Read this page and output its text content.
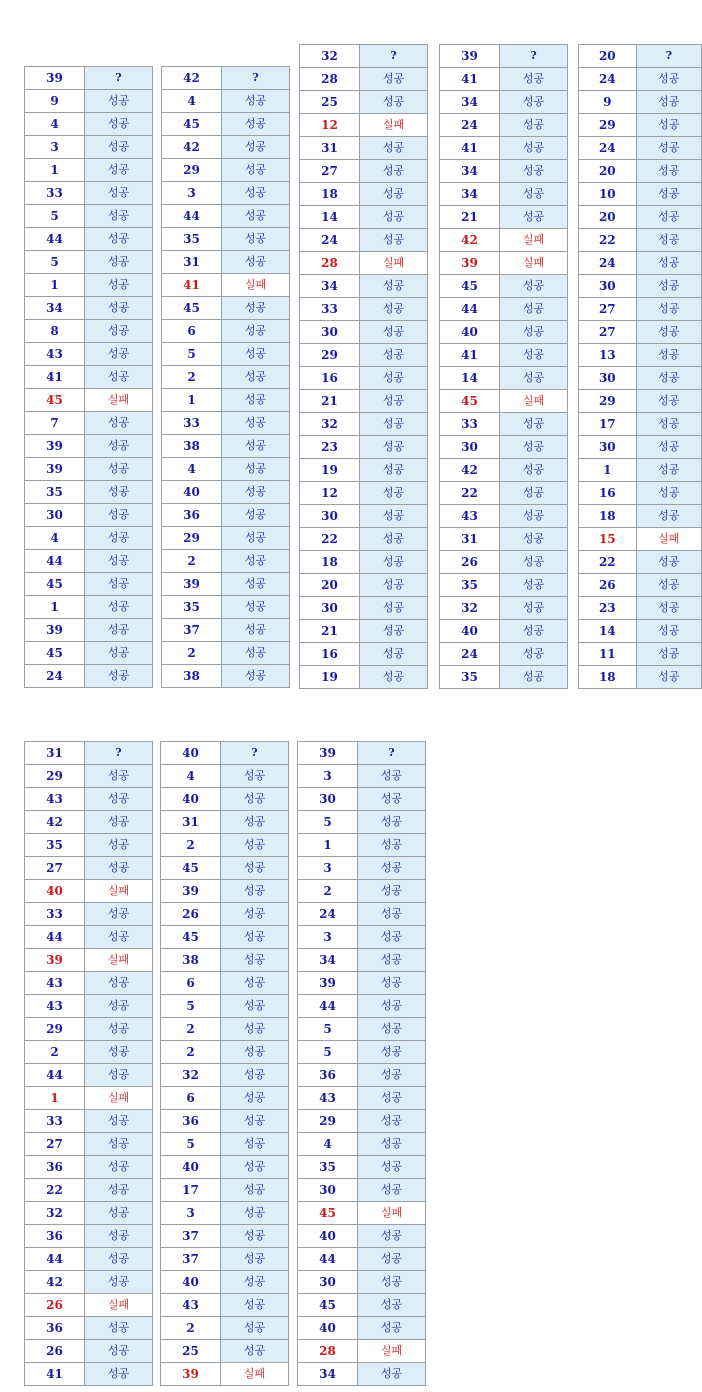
39	?
9	성공
4	성공
3	성공
1	성공
33	성공
5	성공
44	성공
5	성공
1	성공
34	성공
8	성공
43	성공
41	성공
45	실패
7	성공
39	성공
39	성공
35	성공
30	성공
4	성공
44	성공
45	성공
1	성공
39	성공
45	성공
24	성공
42	?
4	성공
45	성공
42	성공
29	성공
3	성공
44	성공
35	성공
31	성공
41	실패
45	성공
6	성공
5	성공
2	성공
1	성공
33	성공
38	성공
4	성공
40	성공
36	성공
29	성공
2	성공
39	성공
35	성공
37	성공
2	성공
38	성공
32	?
28	성공
25	성공
12	실패
31	성공
27	성공
18	성공
14	성공
24	성공
28	실패
34	성공
33	성공
30	성공
29	성공
16	성공
21	성공
32	성공
23	성공
19	성공
12	성공
30	성공
22	성공
18	성공
20	성공
30	성공
21	성공
16	성공
19	성공
39	?
41	성공
34	성공
24	성공
41	성공
34	성공
34	성공
21	성공
42	실패
39	실패
45	성공
44	성공
40	성공
41	성공
14	성공
45	실패
33	성공
30	성공
42	성공
22	성공
43	성공
31	성공
26	성공
35	성공
32	성공
40	성공
24	성공
35	성공
20	?
24	성공
9	성공
29	성공
24	성공
20	성공
10	성공
20	성공
22	성공
24	성공
30	성공
27	성공
27	성공
13	성공
30	성공
29	성공
17	성공
30	성공
1	성공
16	성공
18	성공
15	실패
22	성공
26	성공
23	성공
14	성공
11	성공
18	성공
31	?
29	성공
43	성공
42	성공
35	성공
27	성공
40	실패
33	성공
44	성공
39	실패
43	성공
43	성공
29	성공
2	성공
44	성공
1	실패
33	성공
27	성공
36	성공
22	성공
32	성공
36	성공
44	성공
42	성공
26	실패
36	성공
26	성공
41	성공
40	?
4	성공
40	성공
31	성공
2	성공
45	성공
39	성공
26	성공
45	성공
38	성공
6	성공
5	성공
2	성공
2	성공
32	성공
6	성공
36	성공
5	성공
40	성공
17	성공
3	성공
37	성공
37	성공
40	성공
43	성공
2	성공
25	성공
39	실패
39	?
3	성공
30	성공
5	성공
1	성공
3	성공
2	성공
24	성공
3	성공
34	성공
39	성공
44	성공
5	성공
5	성공
36	성공
43	성공
29	성공
4	성공
35	성공
30	성공
45	실패
40	성공
44	성공
30	성공
45	성공
40	성공
28	실패
34	성공
